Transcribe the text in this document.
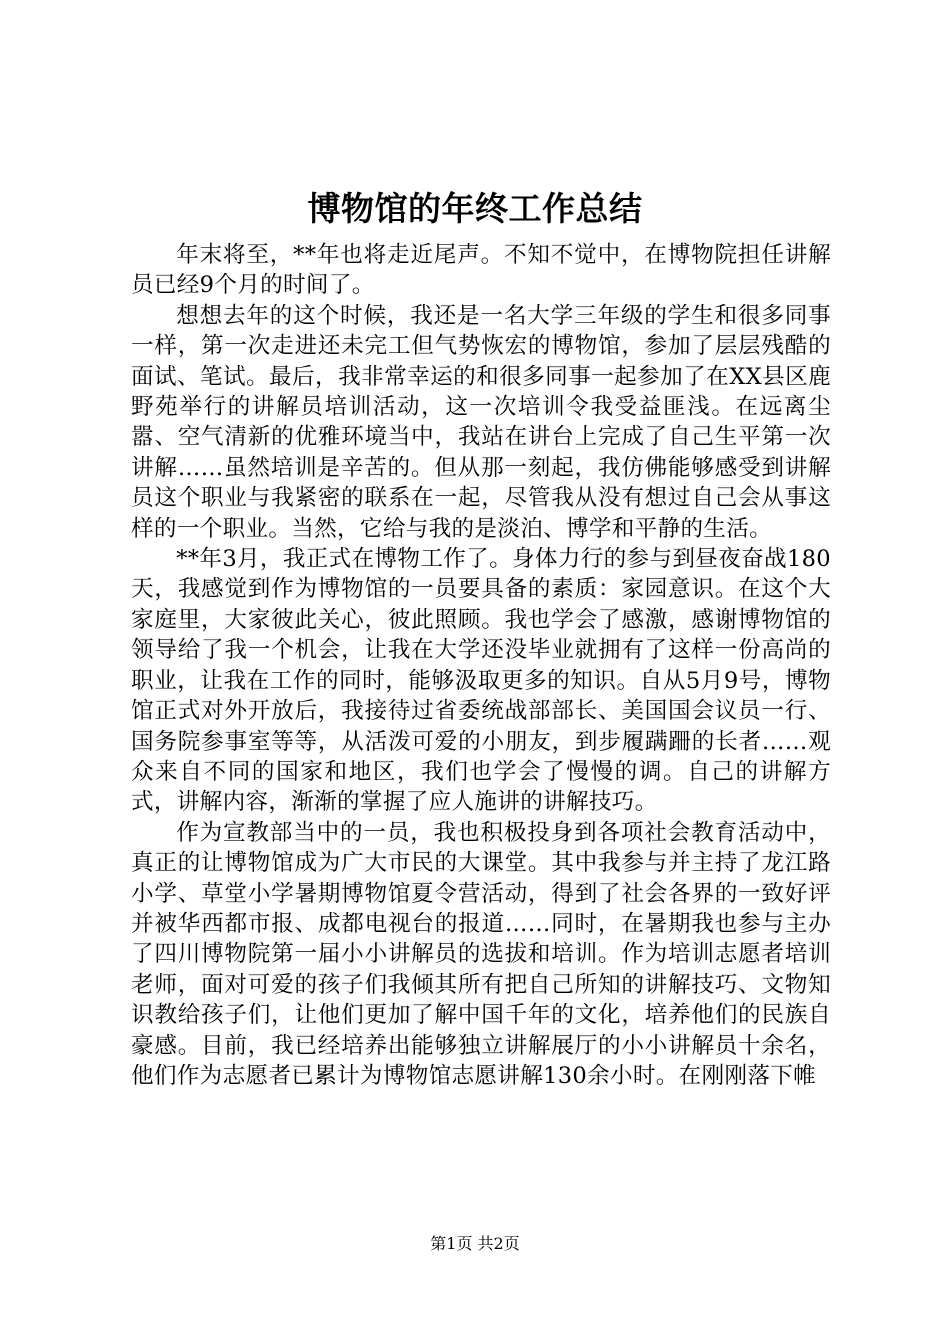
博物馆的年终工作总结

年末将至，**年也将走近尾声。不知不觉中，在博物院担任讲解员已经9个月的时间了。

想想去年的这个时候，我还是一名大学三年级的学生和很多同事一样，第一次走进还未完工但气势恢宏的博物馆，参加了层层残酷的面试、笔试。最后，我非常幸运的和很多同事一起参加了在XX县区鹿野苑举行的讲解员培训活动，这一次培训令我受益匪浅。在远离尘嚣、空气清新的优雅环境当中，我站在讲台上完成了自己生平第一次讲解……虽然培训是辛苦的。但从那一刻起，我仿佛能够感受到讲解员这个职业与我紧密的联系在一起，尽管我从没有想过自己会从事这样的一个职业。当然，它给与我的是淡泊、博学和平静的生活。

**年3月，我正式在博物工作了。身体力行的参与到昼夜奋战180天，我感觉到作为博物馆的一员要具备的素质：家园意识。在这个大家庭里，大家彼此关心，彼此照顾。我也学会了感激，感谢博物馆的领导给了我一个机会，让我在大学还没毕业就拥有了这样一份高尚的职业，让我在工作的同时，能够汲取更多的知识。自从5月9号，博物馆正式对外开放后，我接待过省委统战部部长、美国国会议员一行、国务院参事室等等，从活泼可爱的小朋友，到步履蹒跚的长者……观众来自不同的国家和地区，我们也学会了慢慢的调。自己的讲解方式，讲解内容，渐渐的掌握了应人施讲的讲解技巧。

作为宣教部当中的一员，我也积极投身到各项社会教育活动中，真正的让博物馆成为广大市民的大课堂。其中我参与并主持了龙江路小学、草堂小学暑期博物馆夏令营活动，得到了社会各界的一致好评并被华西都市报、成都电视台的报道……同时，在暑期我也参与主办了四川博物院第一届小小讲解员的选拔和培训。作为培训志愿者培训老师，面对可爱的孩子们我倾其所有把自己所知的讲解技巧、文物知识教给孩子们，让他们更加了解中国千年的文化，培养他们的民族自豪感。目前，我已经培养出能够独立讲解展厅的小小讲解员十余名，他们作为志愿者已累计为博物馆志愿讲解130余小时。在刚刚落下帷

第1页 共2页
